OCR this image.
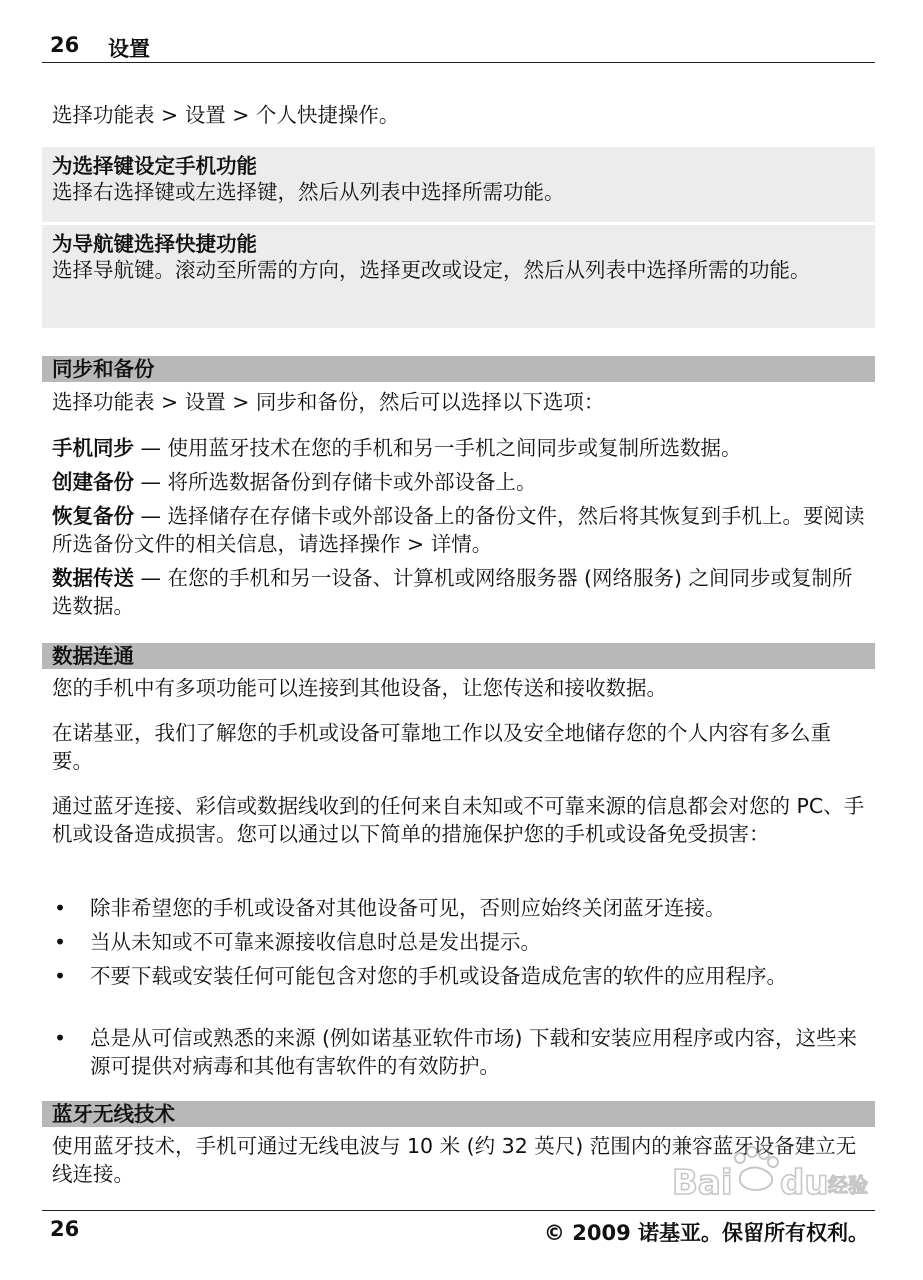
26 设置
选择功能表 > 设置 > 个人快捷操作。
为选择键设定手机功能
选择右选择键或左选择键，然后从列表中选择所需功能。
为导航键选择快捷功能
选择导航键。滚动至所需的方向，选择更改或设定，然后从列表中选择所需的功能。
同步和备份
选择功能表 > 设置 > 同步和备份，然后可以选择以下选项：
手机同步 — 使用蓝牙技术在您的手机和另一手机之间同步或复制所选数据。
创建备份 — 将所选数据备份到存储卡或外部设备上。
恢复备份 — 选择储存在存储卡或外部设备上的备份文件，然后将其恢复到手机上。要阅读所选备份文件的相关信息，请选择操作 > 详情。
数据传送 — 在您的手机和另一设备、计算机或网络服务器 (网络服务) 之间同步或复制所选数据。
数据连通
您的手机中有多项功能可以连接到其他设备，让您传送和接收数据。
在诺基亚，我们了解您的手机或设备可靠地工作以及安全地储存您的个人内容有多么重要。
通过蓝牙连接、彩信或数据线收到的任何来自未知或不可靠来源的信息都会对您的 PC、手机或设备造成损害。您可以通过以下简单的措施保护您的手机或设备免受损害：
• 除非希望您的手机或设备对其他设备可见，否则应始终关闭蓝牙连接。
• 当从未知或不可靠来源接收信息时总是发出提示。
• 不要下载或安装任何可能包含对您的手机或设备造成危害的软件的应用程序。
• 总是从可信或熟悉的来源 (例如诺基亚软件市场) 下载和安装应用程序或内容，这些来源可提供对病毒和其他有害软件的有效防护。
蓝牙无线技术
使用蓝牙技术，手机可通过无线电波与 10 米 (约 32 英尺) 范围内的兼容蓝牙设备建立无线连接。	Bai du 经验
26	© 2009 诺基亚。保留所有权利。
